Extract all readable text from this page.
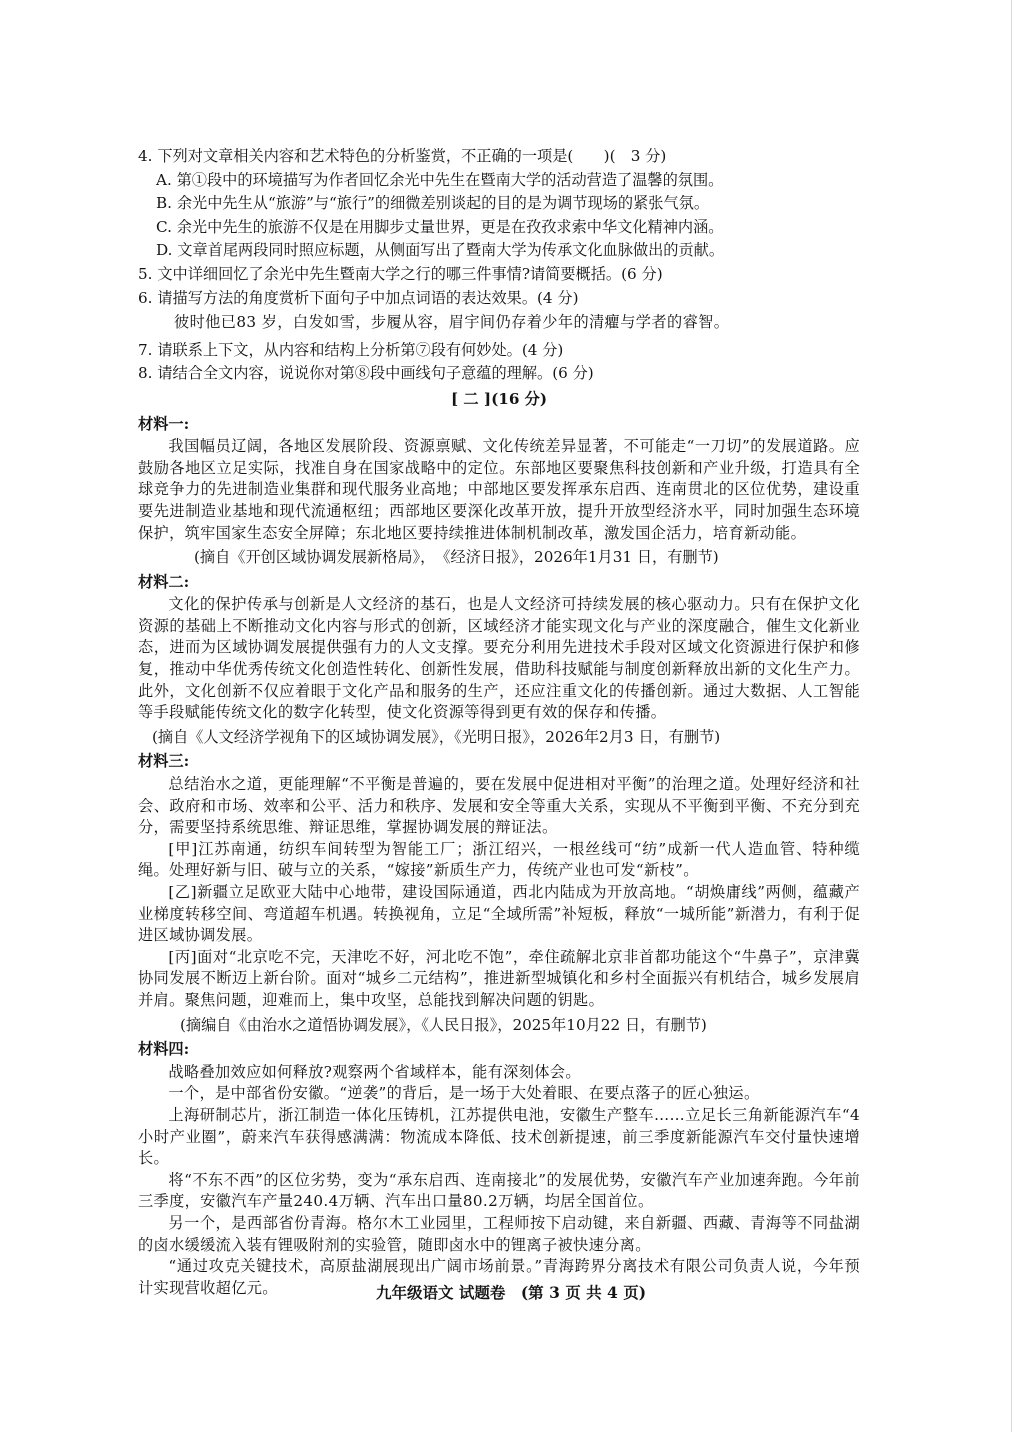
4. 下列对文章相关内容和艺术特色的分析鉴赏，不正确的一项是(　　)(　3 分)
A. 第①段中的环境描写为作者回忆余光中先生在暨南大学的活动营造了温馨的氛围。
B. 余光中先生从“旅游”与“旅行”的细微差别谈起的目的是为调节现场的紧张气氛。
C. 余光中先生的旅游不仅是在用脚步丈量世界，更是在孜孜求索中华文化精神内涵。
D. 文章首尾两段同时照应标题，从侧面写出了暨南大学为传承文化血脉做出的贡献。
5. 文中详细回忆了余光中先生暨南大学之行的哪三件事情?请简要概括。(6 分)
6. 请描写方法的角度赏析下面句子中加点词语的表达效果。(4 分)
彼时他已83 岁，白发如雪，步履从容，眉宇间仍存着少年的清癯与学者的睿智。
7. 请联系上下文，从内容和结构上分析第⑦段有何妙处。(4 分)
8. 请结合全文内容，说说你对第⑧段中画线句子意蕴的理解。(6 分)
[ 二 ](16 分)
材料一:

我国幅员辽阔，各地区发展阶段、资源禀赋、文化传统差异显著，不可能走“一刀切”的发展道路。应鼓励各地区立足实际，找准自身在国家战略中的定位。东部地区要聚焦科技创新和产业升级，打造具有全球竞争力的先进制造业集群和现代服务业高地；中部地区要发挥承东启西、连南贯北的区位优势，建设重要先进制造业基地和现代流通枢纽；西部地区要深化改革开放，提升开放型经济水平，同时加强生态环境保护，筑牢国家生态安全屏障；东北地区要持续推进体制机制改革，激发国企活力，培育新动能。

(摘自《开创区域协调发展新格局》，　《经济日报》，2026年1月31 日，有删节)
材料二:

文化的保护传承与创新是人文经济的基石，也是人文经济可持续发展的核心驱动力。只有在保护文化资源的基础上不断推动文化内容与形式的创新，区域经济才能实现文化与产业的深度融合，催生文化新业态，进而为区域协调发展提供强有力的人文支撑。要充分利用先进技术手段对区域文化资源进行保护和修复，推动中华优秀传统文化创造性转化、创新性发展，借助科技赋能与制度创新释放出新的文化生产力。此外，文化创新不仅应着眼于文化产品和服务的生产，还应注重文化的传播创新。通过大数据、人工智能等手段赋能传统文化的数字化转型，使文化资源等得到更有效的保存和传播。

(摘自《人文经济学视角下的区域协调发展》，《光明日报》，2026年2月3 日，有删节)
材料三:

总结治水之道，更能理解“不平衡是普遍的，要在发展中促进相对平衡”的治理之道。处理好经济和社会、政府和市场、效率和公平、活力和秩序、发展和安全等重大关系，实现从不平衡到平衡、不充分到充分，需要坚持系统思维、辩证思维，掌握协调发展的辩证法。

[甲]江苏南通，纺织车间转型为智能工厂；浙江绍兴，一根丝线可“纺”成新一代人造血管、特种缆绳。处理好新与旧、破与立的关系，“嫁接”新质生产力，传统产业也可发“新枝”。

[乙]新疆立足欧亚大陆中心地带，建设国际通道，西北内陆成为开放高地。“胡焕庸线”两侧，蕴藏产业梯度转移空间、弯道超车机遇。转换视角，立足“全域所需”补短板，释放“一城所能”新潜力，有利于促进区域协调发展。

[丙]面对“北京吃不完，天津吃不好，河北吃不饱”，牵住疏解北京非首都功能这个“牛鼻子”，京津冀协同发展不断迈上新台阶。面对“城乡二元结构”，推进新型城镇化和乡村全面振兴有机结合，城乡发展肩并肩。聚焦问题，迎难而上，集中攻坚，总能找到解决问题的钥匙。

(摘编自《由治水之道悟协调发展》，《人民日报》，2025年10月22 日，有删节)
材料四:

战略叠加效应如何释放?观察两个省域样本，能有深刻体会。

一个，是中部省份安徽。“逆袭”的背后，是一场于大处着眼、在要点落子的匠心独运。

上海研制芯片，浙江制造一体化压铸机，江苏提供电池，安徽生产整车……立足长三角新能源汽车“4小时产业圈”，蔚来汽车获得感满满：物流成本降低、技术创新提速，前三季度新能源汽车交付量快速增长。

将“不东不西”的区位劣势，变为“承东启西、连南接北”的发展优势，安徽汽车产业加速奔跑。今年前三季度，安徽汽车产量240.4万辆、汽车出口量80.2万辆，均居全国首位。

另一个，是西部省份青海。格尔木工业园里，工程师按下启动键，来自新疆、西藏、青海等不同盐湖的卤水缓缓流入装有锂吸附剂的实验管，随即卤水中的锂离子被快速分离。

“通过攻克关键技术，高原盐湖展现出广阔市场前景。”青海跨界分离技术有限公司负责人说，今年预计实现营收超亿元。	九年级语文 试题卷　(第 3 页 共 4 页)
